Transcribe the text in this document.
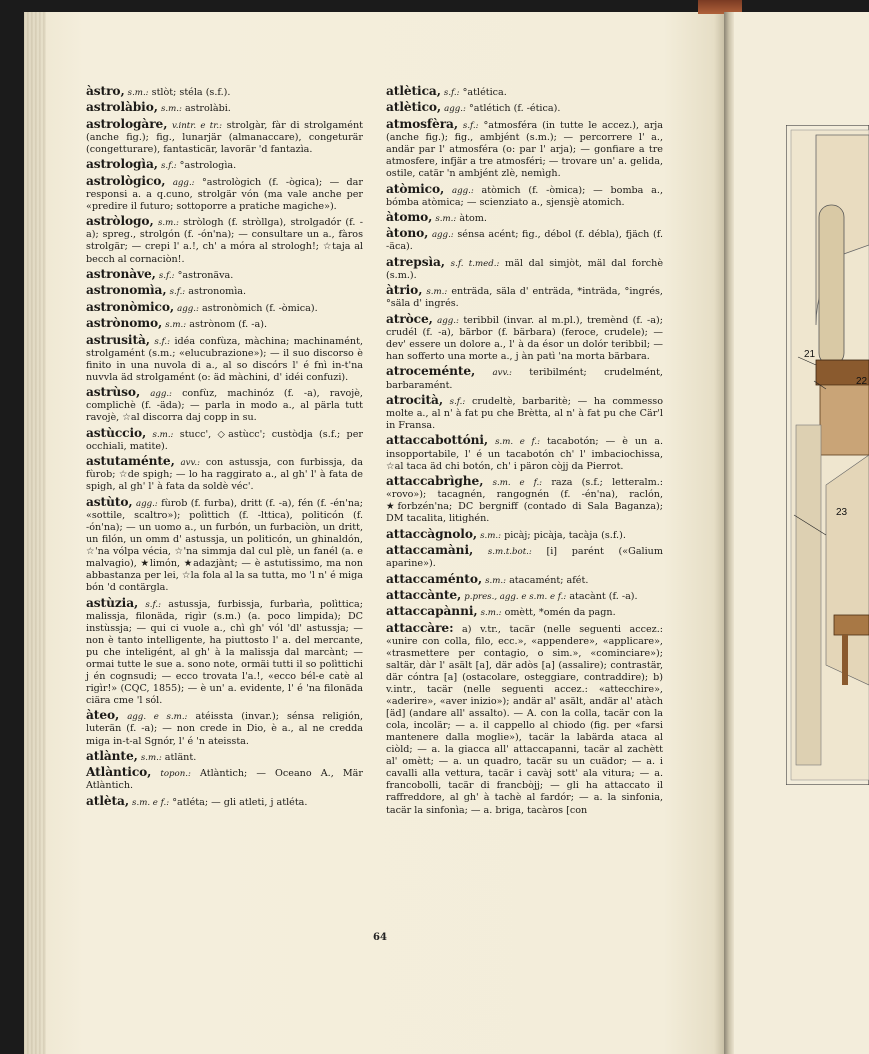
àstro, s.m.: stlòt; stéla (s.f.).
astrolàbio, s.m.: astrolàbi.
astrologàre, v.intr. e tr.: strolgàr, fàr di strolgamént (anche fig.); fig., lunarjär (almanaccare), congeturär (congetturare), fantasticär, lavorär 'd fantazìa.
astrologìa, s.f.: °astrologìa.
astrològico, agg.: °astrològich (f. -ògica); — dar responsi a. a q.cuno, strolgär vón (ma vale anche per «predire il futuro; sottoporre a pratiche magiche»).
astròlogo, s.m.: stròlogh (f. stròllga), strolgadór (f. -a); spreg., strolgón (f. -ón'na); — consultare un a., fàros strolgär; — crepi l' a.!, ch' a móra al strologh!; ☆taja al becch al cornaciòn!.
astronàve, s.f.: °astronäva.
astronomìa, s.f.: astronomìa.
astronòmico, agg.: astronòmich (f. -òmica).
astrònomo, s.m.: astrònom (f. -a).
astrusità, s.f.: idéa confùza, màchina; machinamént, strolgamént (s.m.; «elucubrazione»); — il suo discorso è finito in una nuvola di a., al so discórs l' é fnì in-t'na nuvvla äd strolgamént (o: äd màchini, d' idéi confuzi).
astrùso, agg.: confùz, machinóz (f. -a), ravojè, complichè (f. -äda); — parla in modo a., al pärla tutt ravojè, ☆al discorra daj copp in su.
astùccio, s.m.: stucc', ◇astùcc'; custòdja (s.f.; per occhiali, matite).
astutaménte, avv.: con astussja, con furbissja, da fùrob; ☆de spigh; — lo ha raggirato a., al gh' l' à fata de spigh, al gh' l' à fata da soldè véc'.
astùto, agg.: fùrob (f. furba), dritt (f. -a), fén (f. -én'na; «sottile, scaltro»); polìttich (f. -lttica), politicón (f. -ón'na); — un uomo a., un furbón, un furbaciòn, un dritt, un filón, un omm d' astussja, un politicón, un ghinaldón, ☆'na vólpa vécia, ☆'na simmja dal cul plè, un fanél (a. e malvagio), ★limón, ★adazjànt; — è astutissimo, ma non abbastanza per lei, ☆la fola al la sa tutta, mo 'l n' é miga bón 'd contärgla.
astùzia, s.f.: astussja, furbissja, furbarìa, polìttica; malissja, filonäda, rigìr (s.m.) (a. poco limpida); DC instùssja; — qui ci vuole a., chì gh' vól 'dl' astussja; — non è tanto intelligente, ha piuttosto l' a. del mercante, pu che inteligént, al gh' à la malissja dal marcànt; — ormai tutte le sue a. sono note, ormäi tutti il so polìttichi j én cognsudi; — ecco trovata l'a.!, «ecco bél-e catè al rigìr!» (CQC, 1855); — è un' a. evidente, l' é 'na filonäda ciära cme 'l sól.
àteo, agg. e s.m.: atéissta (invar.); sénsa religión, luterän (f. -a); — non crede in Dio, è a., al ne credda miga in-t-al Sgnór, l' é 'n ateissta.
atlànte, s.m.: atlänt.
Atlàntico, topon.: Atlàntich; — Oceano A., Mär Atlàntich.
atlèta, s.m. e f.: °atléta; — gli atleti, j atléta.
atlètica, s.f.: °atlética.
atlètico, agg.: °atlétich (f. -ética).
atmosfèra, s.f.: °atmosféra (in tutte le accez.), arja (anche fig.); fig., ambjént (s.m.); — percorrere l' a., andär par l' atmosféra (o: par l' arja); — gonfiare a tre atmosfere, infjär a tre atmosféri; — trovare un' a. gelida, ostile, catär 'n ambjént zlè, nemìgh.
atòmico, agg.: atòmich (f. -òmica); — bomba a., bómba atòmica; — scienziato a., sjensjè atomich.
àtomo, s.m.: àtom.
àtono, agg.: sénsa acént; fig., débol (f. débla), fjäch (f. -äca).
atrepsìa, s.f. t.med.: mäl dal simjòt, mäl dal forchè (s.m.).
àtrio, s.m.: enträda, säla d' enträda, *inträda, °ingrés, °säla d' ingrés.
atròce, agg.: teribbil (invar. al m.pl.), tremènd (f. -a); crudél (f. -a), bärbor (f. bärbara) (feroce, crudele); — dev' essere un dolore a., l' à da ésor un dolór teribbil; — han sofferto una morte a., j àn patì 'na morta bärbara.
atroceménte, avv.: teribilmént; crudelmént, barbaramént.
atrocità, s.f.: crudeltè, barbaritè; — ha commesso molte a., al n' à fat pu che Brètta, al n' à fat pu che Cär'l in Fransa.
attaccabottóni, s.m. e f.: tacabotón; — è un a. insopportabile, l' é un tacabotón ch' l' imbaciochissa, ☆al taca äd chi botón, ch' i päron còjj da Pierrot.
attaccabrìghe, s.m. e f.: raza (s.f.; letteralm.: «rovo»); tacagnén, rangognén (f. -én'na), raclón, ★forbzén'na; DC bergniff (contado di Sala Baganza); DM tacalita, litighén.
attaccàgnolo, s.m.: picàj; picàja, tacàja (s.f.).
attaccamàni, s.m.t.bot.: [i] parént («Galium aparine»).
attaccaménto, s.m.: atacamént; afét.
attaccànte, p.pres., agg. e s.m. e f.: atacànt (f. -a).
attaccapànni, s.m.: omètt, *omén da pagn.
attaccàre: a) v.tr., tacär (nelle seguenti accez.: «unire con colla, filo, ecc.», «appendere», «applicare», «trasmettere per contagio, o sim.», «cominciare»); saltär, dàr l' asält [a], där adòs [a] (assalire); contrastär, där cóntra [a] (ostacolare, osteggiare, contraddire); b) v.intr., tacär (nelle seguenti accez.: «attecchire», «aderire», «aver inizio»); andär al' asält, andär al' atàch [äd] (andare all' assalto). — A. con la colla, tacär con la cola, incolär; — a. il cappello al chiodo (fig. per «farsi mantenere dalla moglie»), tacär la labärda ataca al ciòld; — a. la giacca all' attaccapanni, tacär al zachètt al' omètt; — a. un quadro, tacär su un cuädor; — a. i cavalli alla vettura, tacär i cavàj sott' ala vitura; — a. francobolli, tacär di francbòjj; — gli ha attaccato il raffreddore, al gh' à tachè al fardór; — a. la sinfonia, tacär la sinfonìa; — a. briga, tacàros [con
64
21
22
23
